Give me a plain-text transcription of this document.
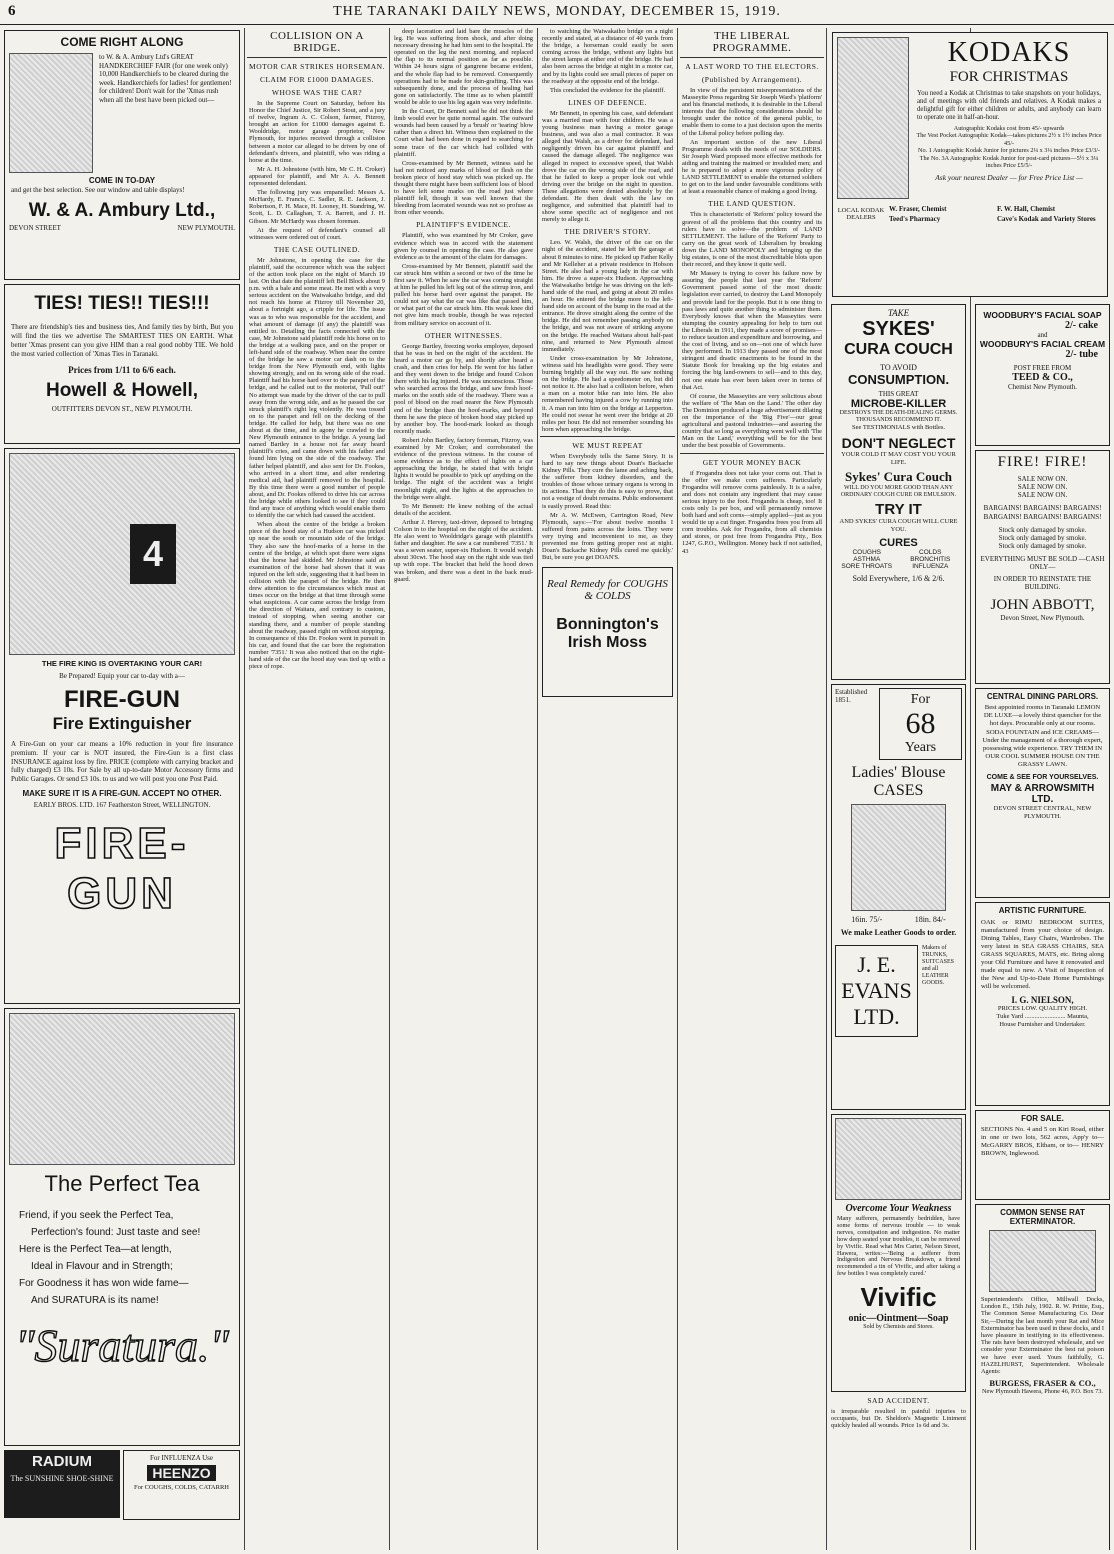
6	THE TARANAKI DAILY NEWS, MONDAY, DECEMBER 15, 1919.
COME RIGHT ALONG
to W. & A. Ambury Ltd's GREAT HANDKERCHIEF FAIR (for one week only) 10,000 Handkerchiefs to be cleared during the week. Handkerchiefs for ladies! for gentlemen! for children! Don't wait for the 'Xmas rush when all the best have been picked out—
COME IN TO-DAY
and get the best selection. See our window and table displays!
W. & A. Ambury Ltd.,
DEVON STREET	NEW PLYMOUTH.
TIES! TIES!! TIES!!!
There are friendship's ties and business ties, And family ties by birth, But you will find the ties we advertise The SMARTEST TIES ON EARTH. What better 'Xmas present can you give HIM than a real good nobby TIE. We hold the most varied collection of 'Xmas Ties in Taranaki.
Prices from 1/11 to 6/6 each.
Howell & Howell,
OUTFITTERS DEVON ST., NEW PLYMOUTH.
4
THE FIRE KING IS OVERTAKING YOUR CAR!
Be Prepared! Equip your car to-day with a—
FIRE-GUN
Fire Extinguisher
A Fire-Gun on your car means a 10% reduction in your fire insurance premium. If your car is NOT insured, the Fire-Gun is a first class INSURANCE against loss by fire. PRICE (complete with carrying bracket and fully charged) £3 10s. For Sale by all up-to-date Motor Accessory firms and Public Garages. Or send £3 10s. to us and we will post you one Post Paid.
MAKE SURE IT IS A FIRE-GUN. ACCEPT NO OTHER.
EARLY BROS. LTD. 167 Featherston Street, WELLINGTON.
FIRE-GUN
The Perfect Tea
Friend, if you seek the Perfect Tea,
Perfection's found: Just taste and see!
Here is the Perfect Tea—at length,
Ideal in Flavour and in Strength;
For Goodness it has won wide fame—
And SURATURA is its name!
"Suratura."
RADIUM
The SUNSHINE SHOE-SHINE
For INFLUENZA Use
HEENZO
For COUGHS, COLDS, CATARRH
COLLISION ON A BRIDGE.
MOTOR CAR STRIKES HORSEMAN.
CLAIM FOR £1000 DAMAGES.
WHOSE WAS THE CAR?

In the Supreme Court on Saturday, before his Honor the Chief Justice, Sir Robert Stout, and a jury of twelve, Ingram A. C. Colson, farmer, Fitzroy, brought an action for £1000 damages against E. Wooldridge, motor garage proprietor, New Plymouth, for injuries received through a collision between a motor car alleged to be driven by one of defendant's drivers, and plaintiff, who was riding a horse at the time.

Mr A. H. Johnstone (with him, Mr C. H. Croker) appeared for plaintiff, and Mr A. A. Bennett represented defendant.

The following jury was empanelled: Messrs A. McHardy, E. Francis, C. Sadler, R. E. Jackson, J. Robertson, F. H. Mace, H. Looney, H. Standring, W. Scott, L. D. Callaghan, T. A. Barrett, and J. H. Gibson. Mr McHardy was chosen foreman.

At the request of defendant's counsel all witnesses were ordered out of court.

THE CASE OUTLINED.

Mr Johnstone, in opening the case for the plaintiff, said the occurrence which was the subject of the action took place on the night of March 19 last. On that date the plaintiff left Bell Block about 9 p.m. with a bale and some meat. He met with a very serious accident on the Waiwakaiho bridge, and did not reach his home at Fitzroy till November 20, about a fortnight ago, a cripple for life. The issue was as to who was responsible for the accident, and what amount of damage (if any) the plaintiff was entitled to. Detailing the facts connected with the case, Mr Johnstone said plaintiff rode his horse on to the bridge at a walking pace, and on the proper or left-hand side of the roadway. When near the centre of the bridge he saw a motor car dash on to the bridge from the New Plymouth end, with lights showing strongly, and on its wrong side of the road. Plaintiff had his horse hard over to the parapet of the bridge, and he called out to the motorist, 'Pull out!' No attempt was made by the driver of the car to pull away from the wrong side, and as he passed the car struck plaintiff's right leg violently. He was tossed on to the parapet and fell on the decking of the bridge. He called for help, but there was no one about at the time, and in agony he crawled to the New Plymouth entrance to the bridge. A young lad named Bartley in a house not far away heard plaintiff's cries, and came down with his father and found him lying on the side of the roadway. The father helped plaintiff, and also sent for Dr. Fookes, who arrived in a short time, and after rendering medical aid, had plaintiff removed to the hospital. By this time there were a good number of people about, and Dr. Fookes offered to drive his car across the bridge while others looked to see if they could find any trace of anything which would enable them to identify the car which had caused the accident.

When about the centre of the bridge a broken piece of the hood stay of a Hudson car was picked up near the south or mountain side of the bridge. They also saw the hoof-marks of a horse in the centre of the bridge, at which spot there were signs that the horse had skidded. Mr Johnstone said an examination of the horse had shown that it was injured on the left side, suggesting that it had been in collision with the parapet of the bridge. He then drew attention to the circumstances which must at times occur on the bridge at that time through some what suspicious. A car came across the bridge from the direction of Waitara, and contrary to custom, instead of stopping, when seeing another car standing there, and a number of people standing about the roadway, passed right on without stopping. In consequence of this Dr. Fookes went in pursuit in his car, and found that the car bore the registration number '7351.' It was also noticed that on the right-hand side of the car the hood stay was tied up with a piece of rope.

deep laceration and laid bare the muscles of the leg. He was suffering from shock, and after doing necessary dressing he had him sent to the hospital. He operated on the leg the next morning, and replaced the flap to its normal position as far as possible. Within 24 hours signs of gangrene became evident, and the whole flap had to be removed. Consequently operations had to be made for skin-grafting. This was subsequently done, and the process of healing had gone on satisfactorily. The time as to when plaintiff would be able to use his leg again was very indefinite.

In the Court, Dr Bennett said he did not think the limb would ever be quite normal again. The outward wounds had been caused by a 'brush' or 'tearing' blow rather than a direct hit. Witness then explained to the Court what had been done in regard to searching for some trace of the car which had collided with plaintiff.

Cross-examined by Mr Bennett, witness said he had not noticed any marks of blood or flesh on the broken piece of hood stay which was picked up. He thought there might have been sufficient loss of blood to have left some marks on the road just where plaintiff fell, though it was well known that the bleeding from lacerated wounds was not so profuse as from other wounds.

PLAINTIFF'S EVIDENCE.

Plaintiff, who was examined by Mr Croker, gave evidence which was in accord with the statement given by counsel in opening the case. He also gave evidence as to the amount of the claim for damages.

Cross-examined by Mr Bennett, plaintiff said the car struck him within a second or two of the time he first saw it. When he saw the car was coming straight at him he pulled his left leg out of the stirrup iron, and pulled his horse hard over against the parapet. He could not say what the car was like that passed him, or what part of the car struck him. His weak knee did not give him much trouble, though he was rejected from military service on account of it.

OTHER WITNESSES.

George Bartley, freezing works employee, deposed that he was in bed on the night of the accident. He heard a motor car go by, and shortly after heard a crash, and then cries for help. He went for his father and they went down to the bridge and found Colson there with his leg injured. He was unconscious. Those who searched across the bridge, and saw fresh hoof-marks on the south side of the roadway. There was a pool of blood on the road nearer the New Plymouth end of the bridge than the hoof-marks, and beyond them he saw the piece of broken hood stay picked up by another boy. The hood-mark looked as though recently made.

Robert John Bartley, factory foreman, Fitzroy, was examined by Mr Croker, and corroborated the evidence of the previous witness. In the course of some evidence as to the effect of lights on a car approaching the bridge, he stated that with bright lights it would be possible to 'pick up' anything on the bridge. The night of the accident was a bright moonlight night, and the lights at the approaches to the bridge were alight.

To Mr Bennett: He knew nothing of the actual details of the accident.

Arthur J. Hervey, taxi-driver, deposed to bringing Colson in to the hospital on the night of the accident. He also went to Wooldridge's garage with plaintiff's father and daughter. He saw a car numbered '7351.' It was a seven seater, super-six Hudson. It would weigh about 30cwt. The hood stay on the right side was tied up with rope. The bracket that held the hood down was broken, and there was a dent in the back mud-guard.

to watching the Waiwakaiho bridge on a night recently and stated, at a distance of 40 yards from the bridge, a horseman could easily be seen coming across the bridge, without any lights but the street lamps at either end of the bridge. He had also been across the bridge at night in a motor car, and by its lights could see small pieces of paper on the roadway at the opposite end of the bridge.

This concluded the evidence for the plaintiff.

LINES OF DEFENCE.

Mr Bennett, in opening his case, said defendant was a married man with four children. He was a young business man having a motor garage business, and was also a mail contractor. It was alleged that Walsh, as a driver for defendant, had negligently driven his car against plaintiff and caused the damage alleged. The negligence was alleged in respect to excessive speed, that Walsh drove the car on the wrong side of the road, and that he failed to keep a proper look out while driving over the bridge on the night in question. These allegations were denied absolutely by the defendant. He then dealt with the law on negligence, and submitted that plaintiff had to show some specific act of negligence and not merely to allege it.

THE DRIVER'S STORY.

Leo. W. Walsh, the driver of the car on the night of the accident, stated he left the garage at about 8 minutes to nine. He picked up Father Kelly and Mr Kelleher at a private residence in Hobson Street. He also had a young lady in the car with him. He drove a super-six Hudson. Approaching the Waiwakaiho bridge he was driving on the left-hand side of the road, and going at about 20 miles an hour. He entered the bridge more to the left-hand side on account of the bump in the road at the entrance. He drove straight along the centre of the bridge. He did not remember passing anybody on the bridge, and was not aware of striking anyone on the bridge. He reached Waitara about half-past nine, and returned to New Plymouth almost immediately.

Under cross-examination by Mr Johnstone, witness said his headlights were good. They were burning brightly all the way out. He saw nothing on the bridge. He had a speedometer on, but did not notice it. He also had a collision before, when a man on a motor bike ran into him. He also remembered having injured a cow by running into it. A man ran into him on the bridge at Lepperton. He could not swear he went over the bridge at 20 miles per hour. He did not remember sounding his horn when approaching the bridge.

WE MUST REPEAT

When Everybody tells the Same Story. It is hard to say new things about Doan's Backache Kidney Pills. They cure the lame and aching back, the sufferer from kidney disorders, and the troubles of those whose urinary organs is wrong in its actions. That they do this is easy to prove, that not a vestige of doubt remains. Public endorsement is easily proved. Read this:

Mr A. W. McEwen, Carrington Road, New Plymouth, says:—'For about twelve months I suffered from pains across the loins. They were very trying and inconvenient to me, as they prevented me from getting proper rest at night. Doan's Backache Kidney Pills cured me quickly.' But, be sure you get DOAN'S.

Real Remedy for COUGHS & COLDS
Bonnington's Irish Moss
THE LIBERAL PROGRAMME.
A LAST WORD TO THE ELECTORS.
(Published by Arrangement).

In view of the persistent misrepresentations of the Masseyite Press regarding Sir Joseph Ward's 'platform' and his financial methods, it is desirable in the Liberal interests that the following considerations should be brought under the notice of the general public, to enable them to come to a just decision upon the merits of the Liberal policy before polling day.

An important section of the new Liberal Programme deals with the needs of our SOLDIERS. Sir Joseph Ward proposed more effective methods for aiding and training the maimed or invalided men; and he is prepared to adopt a more vigorous policy of LAND SETTLEMENT to enable the returned soldiers to get on to the land under favourable conditions with at least a reasonable chance of making a good living.

THE LAND QUESTION.

This is characteristic of 'Reform' policy toward the gravest of all the problems that this country and its rulers have to solve—the problem of LAND SETTLEMENT. The failure of the 'Reform' Party to carry on the great work of Liberalism by breaking down the LAND MONOPOLY and bringing up the big estates, is one of the most discreditable blots upon their record, and they know it quite well.

Mr Massey is trying to cover his failure now by assuring the people that last year the 'Reform' Government passed some of the most drastic legislation ever carried, to destroy the Land Monopoly and provide land for the people. But it is one thing to pass laws and quite another thing to administer them. Everybody knows that when the Masseyites were stumping the country appealing for help to turn out the Liberals in 1911, they made a score of promises—to reduce taxation and expenditure and borrowing, and the cost of living, and so on—not one of which have they performed. In 1913 they passed one of the most stringent and drastic enactments to be found in the Statute Book for breaking up the big estates and forcing the big land-owners to sell—and to this day, not one estate has ever been taken over in terms of that Act.

Of course, the Masseyites are very solicitous about the welfare of 'The Man on the Land.' The other day The Dominion produced a huge advertisement dilating on the importance of the 'Big Five'—our great agricultural and pastoral industries—and assuring the country that so long as everything went well with 'The Man on the Land,' everything will be for the best under the best possible of Governments.

GET YOUR MONEY BACK

if Frogandra does not take your corns out. That is the offer we make corn sufferers. Particularly Frogandra will remove corns painlessly. It is a salve, and does not contain any ingredient that may cause serious injury to the foot. Frogandra is cheap, too! It costs only 1s per box, and will permanently remove both hard and soft corns—simply applied—just as you would tie up a cut finger. Frogandra frees you from all corn troubles. Ask for Frogandra, from all chemists and stores, or post free from Frogandra Ptty., Box 1247, G.P.O., Wellington. Money back if not satisfied, 43

TAKE
SYKES'
CURA COUCH
TO AVOID
CONSUMPTION.
THIS GREAT
MICROBE-KILLER
DESTROYS THE DEATH-DEALING GERMS. THOUSANDS RECOMMEND IT.
See TESTIMONIALS with Bottles.
DON'T NEGLECT
YOUR COLD IT MAY COST YOU YOUR LIFE.
Sykes' Cura Couch
WILL DO YOU MORE GOOD THAN ANY ORDINARY COUGH CURE OR EMULSION.
TRY IT
AND SYKES' CURA COUGH WILL CURE YOU.
CURES
COUGHS	COLDS
ASTHMA	BRONCHITIS
SORE THROATS	INFLUENZA
Sold Everywhere, 1/6 & 2/6.
Established 1851.	For
68
Years
Ladies' Blouse CASES
16in. 75/-	18in. 84/-
We make Leather Goods to order.
J. E. EVANS LTD.
Makers of TRUNKS, SUITCASES and all LEATHER GOODS.
Overcome Your Weakness
Many sufferers, permanently bedridden, have some forms of nervous trouble — to weak nerves, constipation and indigestion. No matter how deep seated your troubles, it can be removed by Vivific. Read what Mrs Carter, Nelson Street, Hawera, writes:—'Being a sufferer from Indigestion and Nervous Breakdown, a friend recommended a tin of Vivific, and after taking a few bottles I was completely cured.'
Vivific
onic—Ointment—Soap
Sold by Chemists and Stores.
SAD ACCIDENT.
is irreparable resulted in painful injuries to occupants, but Dr. Sheldon's Magnetic Liniment quickly healed all wounds. Price 1s 6d and 3s.
KODAKS
FOR CHRISTMAS
You need a Kodak at Christmas to take snapshots on your holidays, and of meetings with old friends and relatives. A Kodak makes a delightful gift for either children or adults, and anybody can learn to operate one in half-an-hour.
Autographic Kodaks cost from 45/- upwards
The Vest Pocket Autographic Kodak—takes pictures 2½ x 1½ inches Price 45/-
No. 1 Autographic Kodak Junior for pictures 2¼ x 3¼ inches Price £3/3/-
The No. 3A Autographic Kodak Junior for post-card pictures—5½ x 3¼ inches Price £5/5/-
Ask your nearest Dealer — for Free Price List —
LOCAL KODAK DEALERS
W. Fraser, Chemist	F. W. Hall, Chemist
Teed's Pharmacy	Cave's Kodak and Variety Stores
WOODBURY'S FACIAL SOAP
2/- cake
and
WOODBURY'S FACIAL CREAM
2/- tube
POST FREE FROM
TEED & CO.,
Chemist New Plymouth.
FIRE! FIRE!
SALE NOW ON.
SALE NOW ON.
SALE NOW ON.
BARGAINS! BARGAINS! BARGAINS! BARGAINS! BARGAINS! BARGAINS!
Stock only damaged by smoke.
Stock only damaged by smoke.
Stock only damaged by smoke.
EVERYTHING MUST BE SOLD —CASH ONLY—
IN ORDER TO REINSTATE THE BUILDING.
JOHN ABBOTT,
Devon Street, New Plymouth.
CENTRAL DINING PARLORS.
Best appointed rooms in Taranaki LEMON DE LUXE—a lovely thirst quencher for the hot days. Procurable only at our rooms. SODA FOUNTAIN and ICE CREAMS— Under the management of a thorough expert, possessing wide experience. TRY THEM IN OUR COOL SUMMER HOUSE ON THE GRASSY LAWN.
COME & SEE FOR YOURSELVES.
MAY & ARROWSMITH LTD.
DEVON STREET CENTRAL, NEW PLYMOUTH.
ARTISTIC FURNITURE.
OAK or RIMU BEDROOM SUITES, manufactured from your choice of design. Dining Tables, Easy Chairs, Wardrobes. The very latest in SEA GRASS CHAIRS, SEA GRASS SQUARES, MATS, etc. Bring along your Old Furniture and have it renovated and made equal to new. A Visit of Inspection of the New and Up-to-Date Home Furnishings will be welcomed.
I. G. NIELSON,
PRICES LOW. QUALITY HIGH.
Tuke Yard ......................... Maunta,
House Furnisher and Undertaker.
FOR SALE.
SECTIONS No. 4 and 5 on Kiri Road, either in one or two lots, 562 acres, App'y to— McGARRY BROS, Eltham, or to— HENRY BROWN, Inglewood.
COMMON SENSE RAT EXTERMINATOR.
Superintendent's Office, Millwall Docks, London E., 15th July, 1902. R. W. Prittie, Esq., The Common Sense Manufacturing Co. Dear Sir,—During the last month your Rat and Mice Exterminator has been used in these docks, and I have pleasure in testifying to its effectiveness. The rats have been destroyed wholesale, and we consider your Exterminator the best rat poison we have ever used. Yours faithfully, G. HAZELHURST, Superintendent. Wholesale Agents:
BURGESS, FRASER & CO.,
New Plymouth Hawera, Phone 46, P.O. Box 73.
